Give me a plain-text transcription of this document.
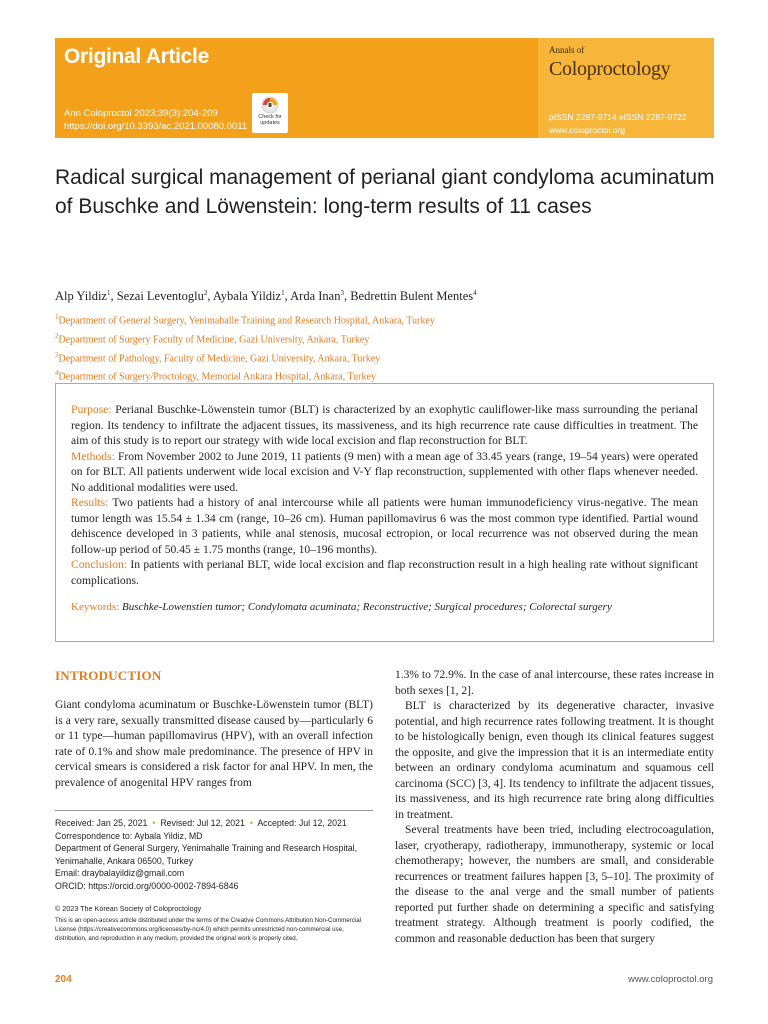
Original Article
Ann Coloproctol 2023;39(3):204-209
https://doi.org/10.3393/ac.2021.00080.0011
Check for
updates
Annals of
Coloproctology
pISSN 2287-9714 eISSN 2287-9722
www.coloproctol.org
Radical surgical management of perianal giant condyloma acuminatum of Buschke and Löwenstein: long-term results of 11 cases
Alp Yildiz$^1$, Sezai Leventoglu$^2$, Aybala Yildiz$^1$, Arda Inan$^3$, Bedrettin Bulent Mentes$^4$
$^1$Department of General Surgery, Yenimahalle Training and Research Hospital, Ankara, Turkey
$^2$Department of Surgery Faculty of Medicine, Gazi University, Ankara, Turkey
$^3$Department of Pathology, Faculty of Medicine, Gazi University, Ankara, Turkey
$^4$Department of Surgery/Proctology, Memorial Ankara Hospital, Ankara, Turkey

Purpose: Perianal Buschke-Löwenstein tumor (BLT) is characterized by an exophytic cauliflower-like mass surrounding the perianal region. Its tendency to infiltrate the adjacent tissues, its massiveness, and its high recurrence rate cause difficulties in treatment. The aim of this study is to report our strategy with wide local excision and flap reconstruction for BLT.
Methods: From November 2002 to June 2019, 11 patients (9 men) with a mean age of 33.45 years (range, 19–54 years) were operated on for BLT. All patients underwent wide local excision and V-Y flap reconstruction, supplemented with other flaps whenever needed. No additional modalities were used.
Results: Two patients had a history of anal intercourse while all patients were human immunodeficiency virus-negative. The mean tumor length was 15.54 ± 1.34 cm (range, 10–26 cm). Human papillomavirus 6 was the most common type identified. Partial wound dehiscence developed in 3 patients, while anal stenosis, mucosal ectropion, or local recurrence was not observed during the mean follow-up period of 50.45 ± 1.75 months (range, 10–196 months).
Conclusion: In patients with perianal BLT, wide local excision and flap reconstruction result in a high healing rate without significant complications.

Keywords: Buschke-Lowenstien tumor; Condylomata acuminata; Reconstructive; Surgical procedures; Colorectal surgery
INTRODUCTION

Giant condyloma acuminatum or Buschke-Löwenstein tumor (BLT) is a very rare, sexually transmitted disease caused by—particularly 6 or 11 type—human papillomavirus (HPV), with an overall infection rate of 0.1% and show male predominance. The presence of HPV in cervical smears is considered a risk factor for anal HPV. In men, the prevalence of anogenital HPV ranges from

Received: Jan 25, 2021  •  Revised: Jul 12, 2021  •  Accepted: Jul 12, 2021
Correspondence to: Aybala Yildiz, MD
Department of General Surgery, Yenimahalle Training and Research Hospital,
Yenimahalle, Ankara 06500, Turkey
Email: draybalayildiz@gmail.com
ORCID: https://orcid.org/0000-0002-7894-6846
© 2023 The Korean Society of Coloproctology
This is an open-access article distributed under the terms of the Creative Commons Attribution Non-Commercial License (https://creativecommons.org/licenses/by-nc/4.0) which permits unrestricted non-commercial use, distribution, and reproduction in any medium, provided the original work is properly cited.

1.3% to 72.9%. In the case of anal intercourse, these rates increase in both sexes [1, 2].

BLT is characterized by its degenerative character, invasive potential, and high recurrence rates following treatment. It is thought to be histologically benign, even though its clinical features suggest the opposite, and give the impression that it is an intermediate entity between an ordinary condyloma acuminatum and squamous cell carcinoma (SCC) [3, 4]. Its tendency to infiltrate the adjacent tissues, its massiveness, and its high recurrence rate bring along difficulties in treatment.

Several treatments have been tried, including electrocoagulation, laser, cryotherapy, radiotherapy, immunotherapy, systemic or local chemotherapy; however, the numbers are small, and considerable recurrences or treatment failures happen [3, 5–10]. The proximity of the disease to the anal verge and the small number of patients reported put further shade on determining a specific and satisfying treatment strategy. Although treatment is poorly codified, the common and reasonable deduction has been that surgery

204	www.coloproctol.org
